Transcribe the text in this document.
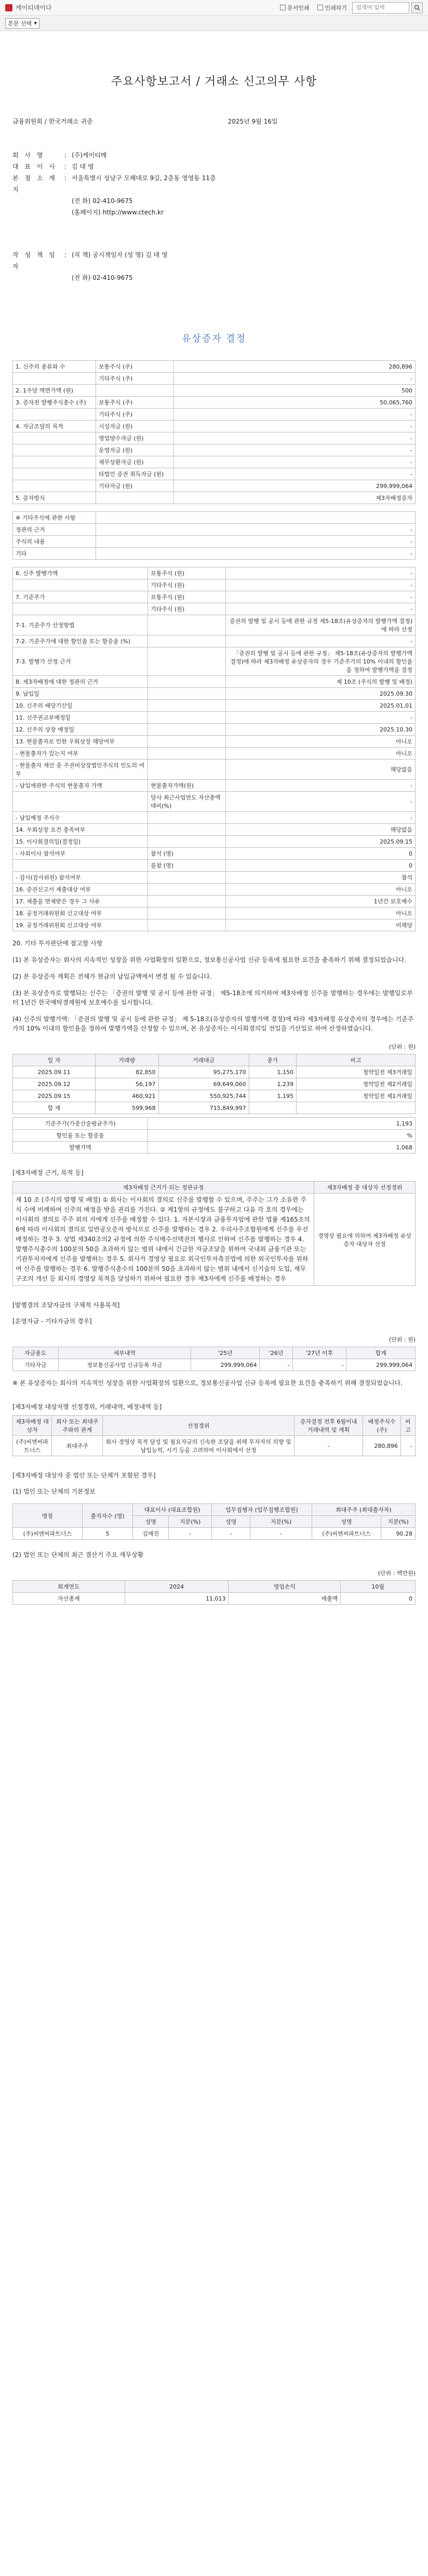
케이티데이다	문서인쇄	인쇄하기
검색어 입력
본문 선택 ▾
주요사항보고서 / 거래소 신고의무 사항
금융위원회 / 한국거래소 귀중	2025년 9월 16일
회 사 명	: (주)케이티메
대 표 이 사	: 김 대 영
본 점 소 재 지
: 서울특별시 성남구 모해대로 9길, 2층동 영영동 11층
(전 화) 02-410-9675
(홈페이지) http://www.ctech.kr
작 성 책 임 자
: (직 책) 공시책임자 (성 명) 김 대 영
(전 화) 02-410-9675
유상증자 결정
1. 신주의 종류와 수	보통주식 (주)	280,896
	기타주식 (주)	-
2. 1주당 액면가액 (원)		500
3. 증자전 발행주식총수 (주)	보통주식 (주)	50,065,760
	기타주식 (주)	-
4. 자금조달의 목적	시설자금 (원)	-
	영업양수자금 (원)	-
	운영자금 (원)	-
	채무상환자금 (원)	-
	타법인 증권 취득자금 (원)	-
	기타자금 (원)	299,999,064
5. 증자방식		제3자배정증자
※ 기타주식에 관한 사항	
정관의 근거	-
주식의 내용	-
기타	-
6. 신주 발행가액	보통주식 (원)	-
	기타주식 (원)	-
7. 기준주가	보통주식 (원)	-
	기타주식 (원)	-
7-1. 기준주가 산정방법		증권의 발행 및 공시 등에 관한 규정 제5-18조(유상증자의 발행가액 결정)에 따라 산정
7-2. 기준주가에 대한 할인율 또는 할증율 (%)		-
7-3. 발행가 산정 근거		「증권의 발행 및 공시 등에 관한 규정」 제5-18조(유상증자의 발행가액 결정)에 따라 제3자배정 유상증자의 경우 기준주가의 10% 이내의 할인율을 정하여 발행가액을 결정
8. 제3자배정에 대한 정관의 근거		제 10조 (주식의 발행 및 배정)
9. 납입일		2025.09.30
10. 신주의 배당기산일		2025.01.01
11. 신주권교부예정일		-
12. 신주의 상장 예정일		2025.10.30
13. 현물출자로 인한 우회상장 해당여부		아니오
- 현물출자가 있는지 여부		아니오
- 현물출자 재산 중 주권비상장법인주식의 인도의 여부		해당없음
- 납입에관한 주식의 현물출자 가액	현물출자가액(원)	-
	당사 최근사업연도 자산총액 대비(%)	-
- 납입예정 주식수		-
14. 우회상장 요건 충족여부		해당없음
15. 이사회결의일(결정일)		2025.09.15
- 사외이사 참석여부	참석 (명)	0
	불참 (명)	0
- 감사(감사위원) 참석여부		참석
16. 증권신고서 제출대상 여부		아니오
17. 제출을 면제받은 경우 그 사유		1년간 보호예수
18. 공정거래위원회 신고대상 여부		아니오
19. 공정거래위원회 신고대상 여부		미해당
20. 기타 투자판단에 참고할 사항
(1) 본 유상증자는 회사의 지속적인 성장을 위한 사업확장의 일환으로, 정보통신공사업 신규 등록에 필요한 요건을 충족하기 위해 결정되었습니다.
(2) 본 유상증자 계획은 전체가 현금의 납입금액에서 변경 될 수 있습니다.
(3) 본 유상증자로 발행되는 신주는 「증권의 발행 및 공시 등에 관한 규정」 제5-18조에 의거하여 제3자배정 신주를 발행하는 경우에는 발행일로부터 1년간 한국예탁결제원에 보호예수를 실시합니다.
(4) 신주의 발행가액: 「증권의 발행 및 공시 등에 관한 규정」 제 5-18조(유상증자의 발행가액 결정)에 따라 제3자배정 유상증자의 경우에는 기준주가의 10% 이내의 할인율을 정하여 발행가액을 산정할 수 있으며, 본 유상증자는 이사회결의일 전일을 기산일로 하여 산정하였습니다.
(단위 : 원)
일 자	거래량	거래대금	종가	비고
2025.09.11	82,850	95,275,170	1,150	청약일전 제3거래일
2025.09.12	56,197	69,649,060	1,239	청약일전 제2거래일
2025.09.15	460,921	550,925,744	1,195	청약일전 제1거래일
합 계	599,968	715,849,997		
기준주가(가중산술평균주가)	1,193
할인율 또는 할증율	%
발행가액	1,068
[제3자배정 근거, 목적 등]
제3자배정 근거가 되는 정관규정	제3자배정 중 대상자 선정경위
제 10 조 (주식의 발행 및 배정) ① 회사는 이사회의 결의로 신주를 발행할 수 있으며, 주주는 그가 소유한 주식 수에 비례하여 신주의 배정을 받을 권리를 가진다. ② 제1항의 규정에도 불구하고 다음 각 호의 경우에는 이사회의 결의로 주주 외의 자에게 신주를 배정할 수 있다. 1. 자본시장과 금융투자업에 관한 법률 제165조의6에 따라 이사회의 결의로 일반공모증자 방식으로 신주를 발행하는 경우 2. 우리사주조합원에게 신주를 우선배정하는 경우 3. 상법 제340조의2 규정에 의한 주식매수선택권의 행사로 인하여 신주를 발행하는 경우 4. 발행주식총수의 100분의 50을 초과하지 않는 범위 내에서 긴급한 자금조달을 위하여 국내외 금융기관 또는 기관투자자에게 신주를 발행하는 경우 5. 회사가 경영상 필요로 외국인투자촉진법에 의한 외국인투자를 위하여 신주를 발행하는 경우 6. 발행주식총수의 100분의 50을 초과하지 않는 범위 내에서 신기술의 도입, 재무구조의 개선 등 회사의 경영상 목적을 달성하기 위하여 필요한 경우 제3자에게 신주를 배정하는 경우	경영상 필요에 의하여 제3자배정 유상증자 대상자 선정
[발행결의 조달자금의 구체적 사용목적]
[운영자금 - 기타자금의 경우]
(단위 : 원)
자금용도	세부내역	'25년	'26년	'27년 이후	합계
기타자금	정보통신공사업 신규등록 자금	299,999,064	-	-	299,999,064
※ 본 유상증자는 회사의 지속적인 성장을 위한 사업확장의 일환으로, 정보통신공사업 신규 등록에 필요한 요건을 충족하기 위해 결정되었습니다.
[제3자배정 대상자별 선정경위, 거래내역, 배정내역 등]
제3자배정 대상자	회사 또는 최대주주와의 관계	선정경위	증자결정 전후 6월이내 거래내역 및 계획	배정주식수(주)	비고
(주)씨엔씨파트너스	최대주주	회사 경영상 목적 달성 및 필요자금의 신속한 조달을 위해 투자자의 의향 및 납입능력, 시기 등을 고려하여 이사회에서 선정	-	280,896	-
[제3자배정 대상자 중 법인 또는 단체가 포함된 경우]
(1) 법인 또는 단체의 기본정보
명칭	출자자수 (명)	대표이사 (대표조합원)		업무집행자 (업무집행조합원)		최대주주 (최대출자자)	
		성명	지분(%)	성명	지분(%)	성명	지분(%)
(주)씨엔씨파트너스	5	김예진	-	-	-	(주)씨엔씨파트너스	90.28
(2) 법인 또는 단체의 최근 결산기 주요 재무상황
(단위 : 백만원)
회계연도	2024	영업손익	10월
자산총계	11,013	매출액	0
